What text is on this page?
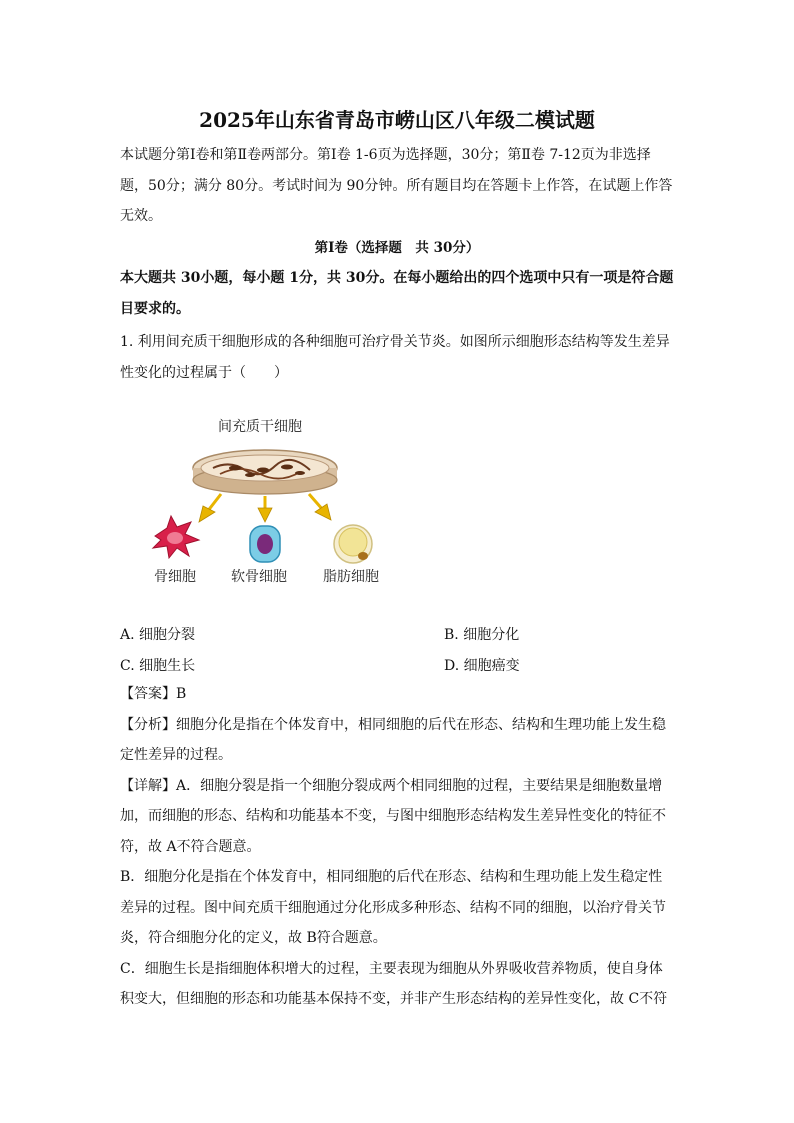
2025年山东省青岛市崂山区八年级二模试题
本试题分第Ⅰ卷和第Ⅱ卷两部分。第Ⅰ卷 1-6页为选择题，30分；第Ⅱ卷 7-12页为非选择
题，50分；满分 80分。考试时间为 90分钟。所有题目均在答题卡上作答，在试题上作答
无效。
第Ⅰ卷（选择题　共 30分）
本大题共 30小题，每小题 1分，共 30分。在每小题给出的四个选项中只有一项是符合题
目要求的。
1. 利用间充质干细胞形成的各种细胞可治疗骨关节炎。如图所示细胞形态结构等发生差异
性变化的过程属于（　　）
间充质干细胞
骨细胞	软骨细胞	脂肪细胞
A. 细胞分裂	B. 细胞分化
C. 细胞生长	D. 细胞癌变
【答案】B
【分析】细胞分化是指在个体发育中，相同细胞的后代在形态、结构和生理功能上发生稳
定性差异的过程。
【详解】A．细胞分裂是指一个细胞分裂成两个相同细胞的过程，主要结果是细胞数量增
加，而细胞的形态、结构和功能基本不变，与图中细胞形态结构发生差异性变化的特征不
符，故 A不符合题意。
B．细胞分化是指在个体发育中，相同细胞的后代在形态、结构和生理功能上发生稳定性
差异的过程。图中间充质干细胞通过分化形成多种形态、结构不同的细胞，以治疗骨关节
炎，符合细胞分化的定义，故 B符合题意。
C．细胞生长是指细胞体积增大的过程，主要表现为细胞从外界吸收营养物质，使自身体
积变大，但细胞的形态和功能基本保持不变，并非产生形态结构的差异性变化，故 C不符
